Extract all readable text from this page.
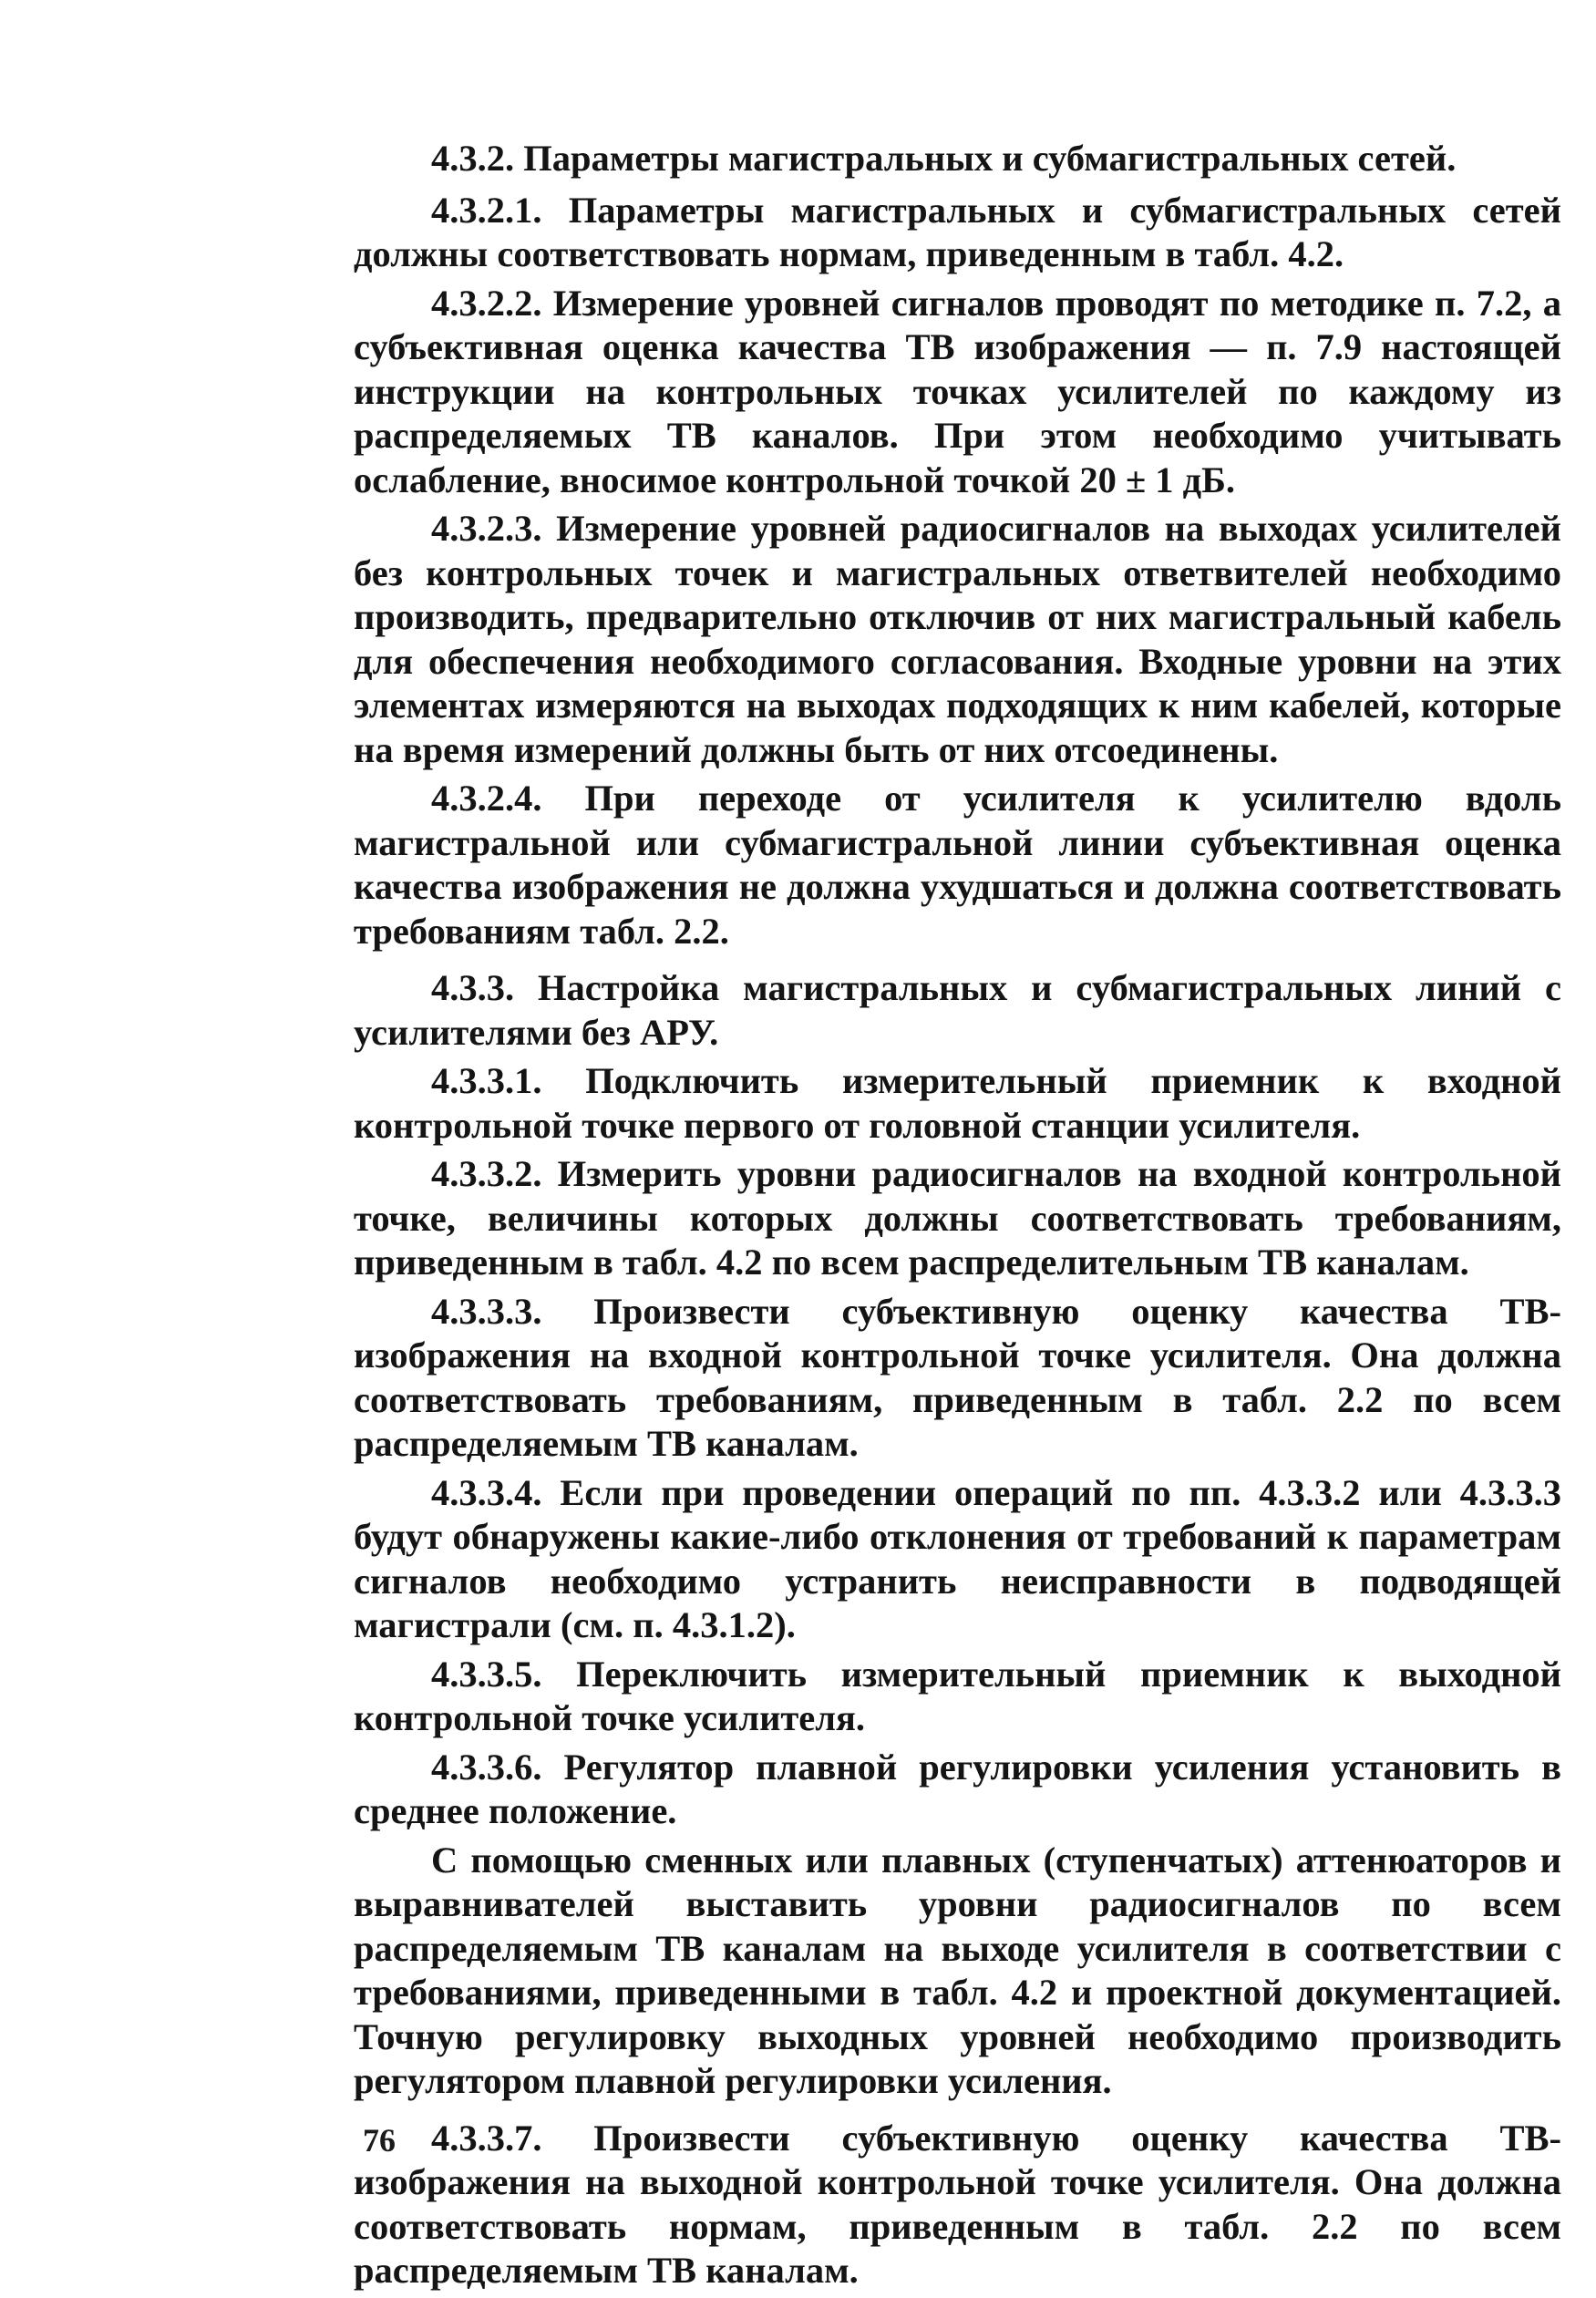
4.3.2. Параметры магистральных и субмагистральных сетей.

4.3.2.1. Параметры магистральных и субмагистральных сетей должны соответствовать нормам, приведенным в табл. 4.2.

4.3.2.2. Измерение уровней сигналов проводят по методике п. 7.2, а субъективная оценка качества ТВ изображения — п. 7.9 настоящей инструкции на контрольных точках усилителей по каждому из распределяемых ТВ каналов. При этом необходимо учитывать ослабление, вносимое контрольной точкой 20 ± 1 дБ.

4.3.2.3. Измерение уровней радиосигналов на выходах усилителей без контрольных точек и магистральных ответвителей необходимо производить, предварительно отключив от них магистральный кабель для обеспечения необходимого согласования. Входные уровни на этих элементах измеряются на выходах подходящих к ним кабелей, которые на время измерений должны быть от них отсоединены.

4.3.2.4. При переходе от усилителя к усилителю вдоль магистральной или субмагистральной линии субъективная оценка качества изображения не должна ухудшаться и должна соответствовать требованиям табл. 2.2.

4.3.3. Настройка магистральных и субмагистральных линий с усилителями без АРУ.

4.3.3.1. Подключить измерительный приемник к входной контрольной точке первого от головной станции усилителя.

4.3.3.2. Измерить уровни радиосигналов на входной контрольной точке, величины которых должны соответствовать требованиям, приведенным в табл. 4.2 по всем распределительным ТВ каналам.

4.3.3.3. Произвести субъективную оценку качества ТВ-изображения на входной контрольной точке усилителя. Она должна соответствовать требованиям, приведенным в табл. 2.2 по всем распределяемым ТВ каналам.

4.3.3.4. Если при проведении операций по пп. 4.3.3.2 или 4.3.3.3 будут обнаружены какие-либо отклонения от требований к параметрам сигналов необходимо устранить неисправности в подводящей магистрали (см. п. 4.3.1.2).

4.3.3.5. Переключить измерительный приемник к выходной контрольной точке усилителя.

4.3.3.6. Регулятор плавной регулировки усиления установить в среднее положение.

С помощью сменных или плавных (ступенчатых) аттенюаторов и выравнивателей выставить уровни радиосигналов по всем распределяемым ТВ каналам на выходе усилителя в соответствии с требованиями, приведенными в табл. 4.2 и проектной документацией. Точную регулировку выходных уровней необходимо производить регулятором плавной регулировки усиления.

4.3.3.7. Произвести субъективную оценку качества ТВ-изображения на выходной контрольной точке усилителя. Она должна соответствовать нормам, приведенным в табл. 2.2 по всем распределяемым ТВ каналам.

76
